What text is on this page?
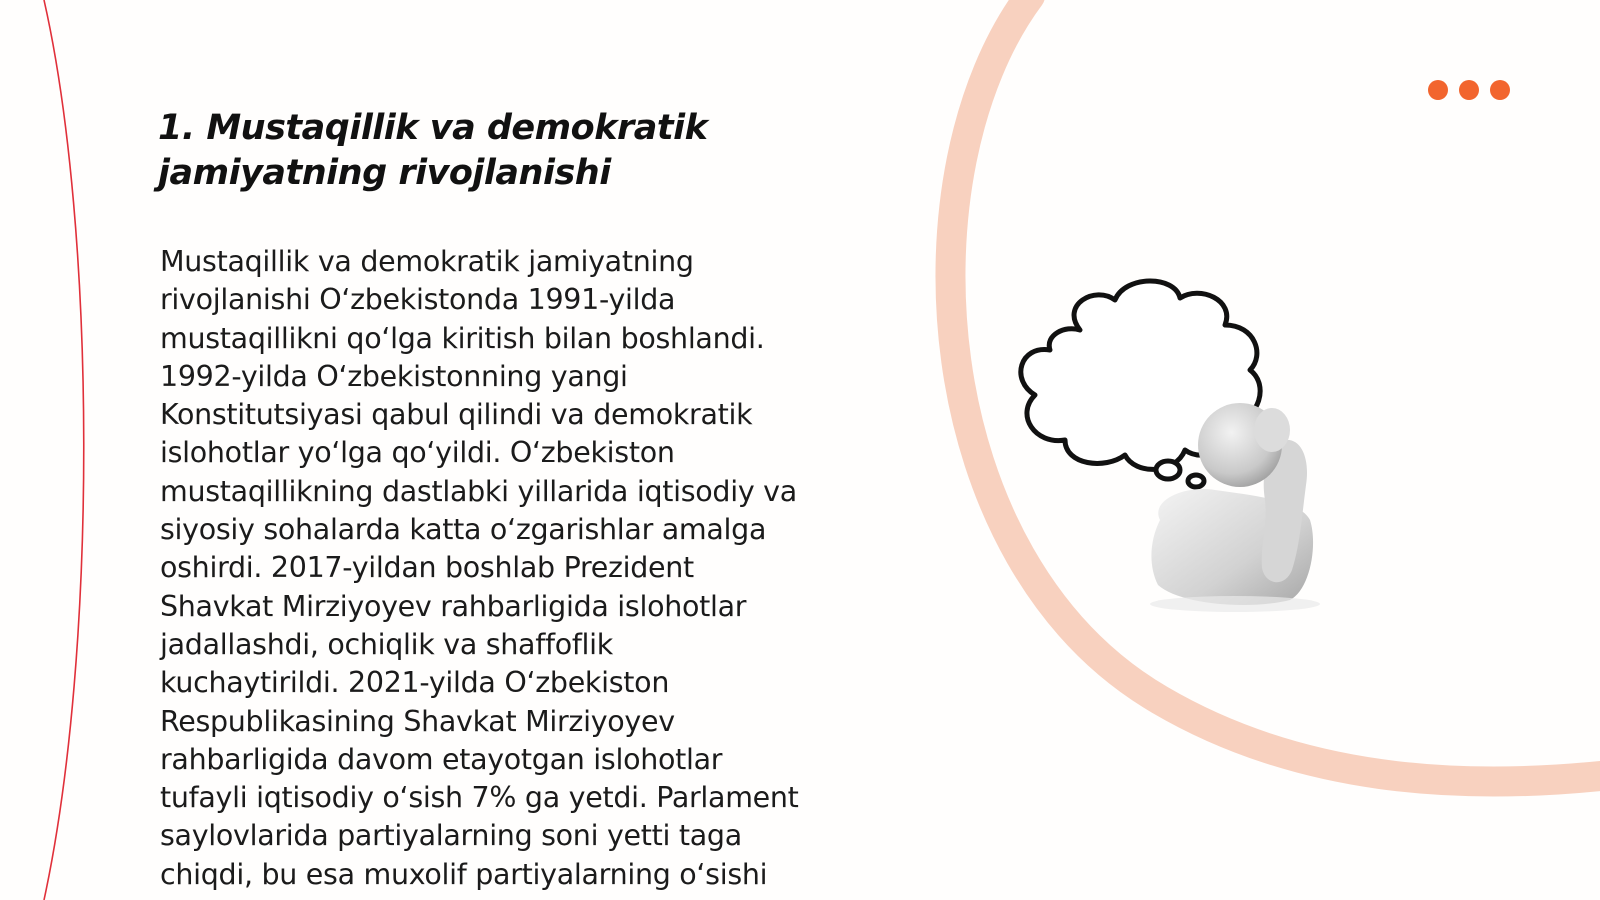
1. Mustaqillik va demokratik
jamiyatning rivojlanishi
Mustaqillik va demokratik jamiyatning
rivojlanishi O‘zbekistonda 1991-yilda
mustaqillikni qo‘lga kiritish bilan boshlandi.
1992-yilda O‘zbekistonning yangi
Konstitutsiyasi qabul qilindi va demokratik
islohotlar yo‘lga qo‘yildi. O‘zbekiston
mustaqillikning dastlabki yillarida iqtisodiy va
siyosiy sohalarda katta o‘zgarishlar amalga
oshirdi. 2017-yildan boshlab Prezident
Shavkat Mirziyoyev rahbarligida islohotlar
jadallashdi, ochiqlik va shaffoflik
kuchaytirildi. 2021-yilda O‘zbekiston
Respublikasining Shavkat Mirziyoyev
rahbarligida davom etayotgan islohotlar
tufayli iqtisodiy o‘sish 7% ga yetdi. Parlament
saylovlarida partiyalarning soni yetti taga
chiqdi, bu esa muxolif partiyalarning o‘sishi
